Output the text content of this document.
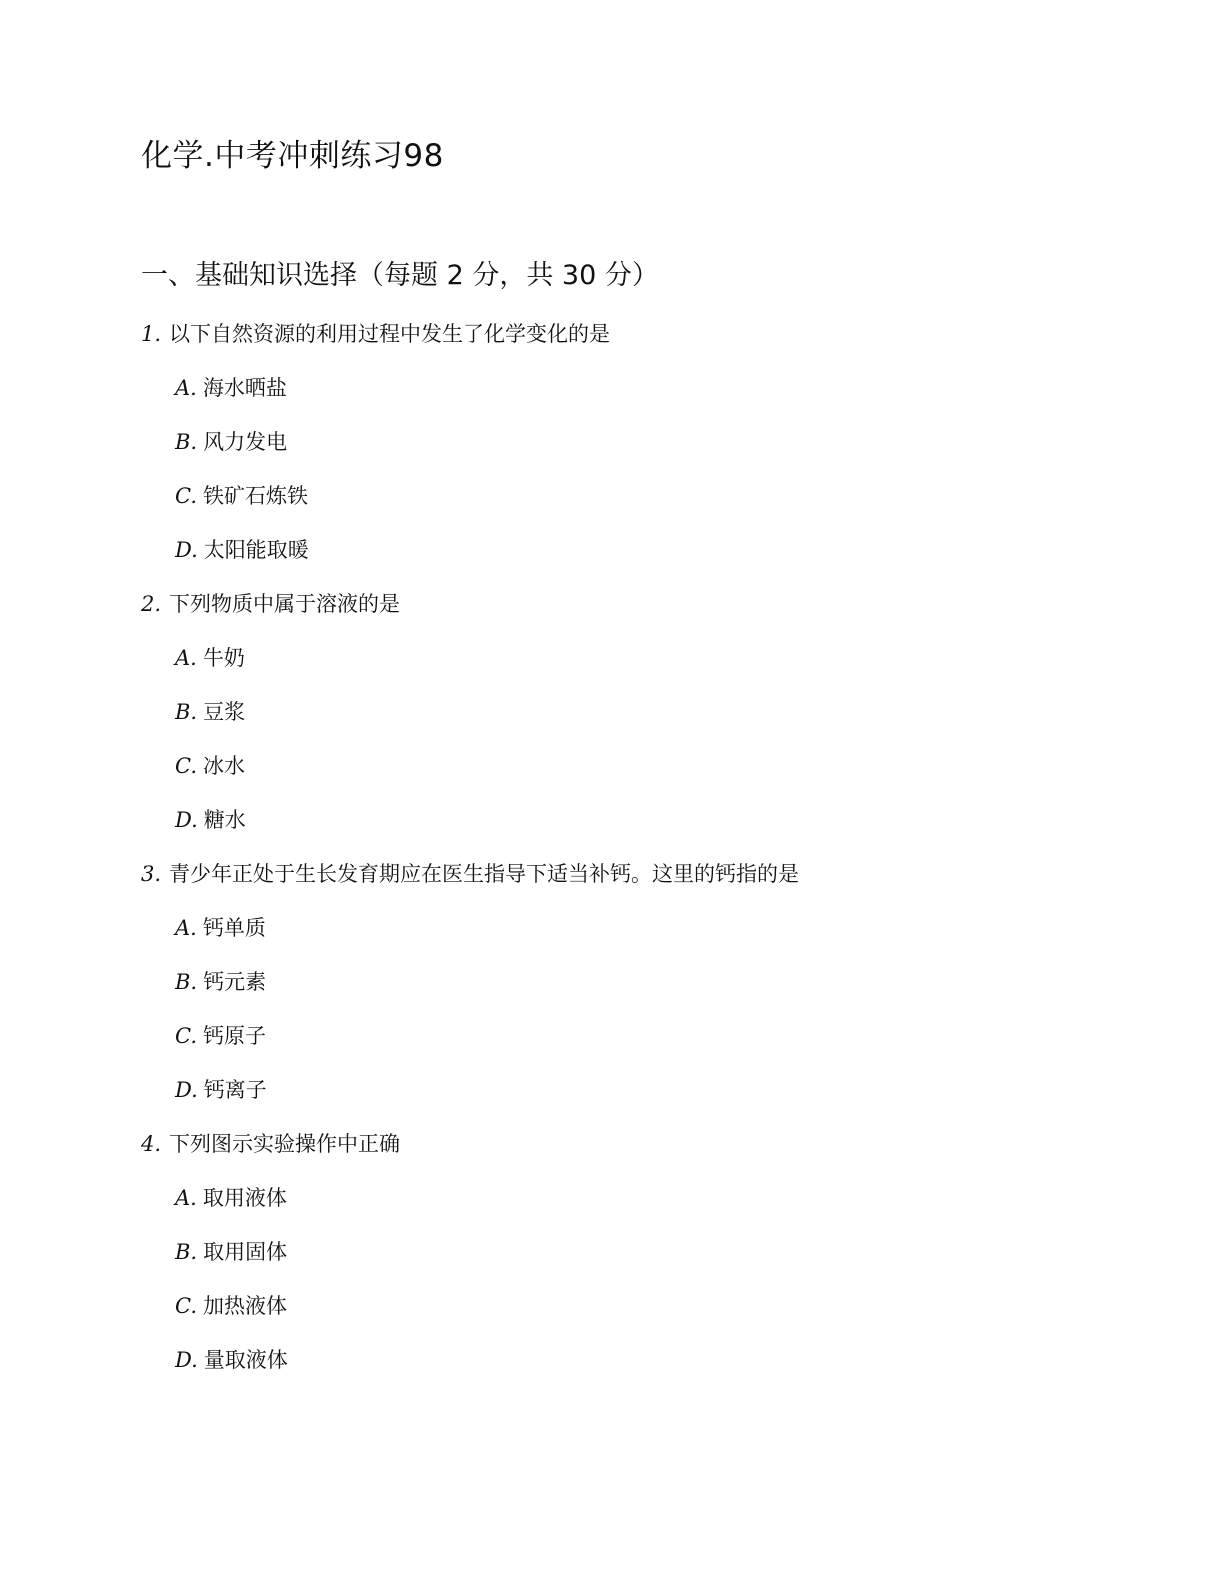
化学.中考冲刺练习98
一、基础知识选择（每题 2 分，共 30 分）
1. 以下自然资源的利用过程中发生了化学变化的是
A. 海水晒盐
B. 风力发电
C. 铁矿石炼铁
D. 太阳能取暖
2. 下列物质中属于溶液的是
A. 牛奶
B. 豆浆
C. 冰水
D. 糖水
3. 青少年正处于生长发育期应在医生指导下适当补钙。这里的钙指的是
A. 钙单质
B. 钙元素
C. 钙原子
D. 钙离子
4. 下列图示实验操作中正确
A. 取用液体
B. 取用固体
C. 加热液体
D. 量取液体
